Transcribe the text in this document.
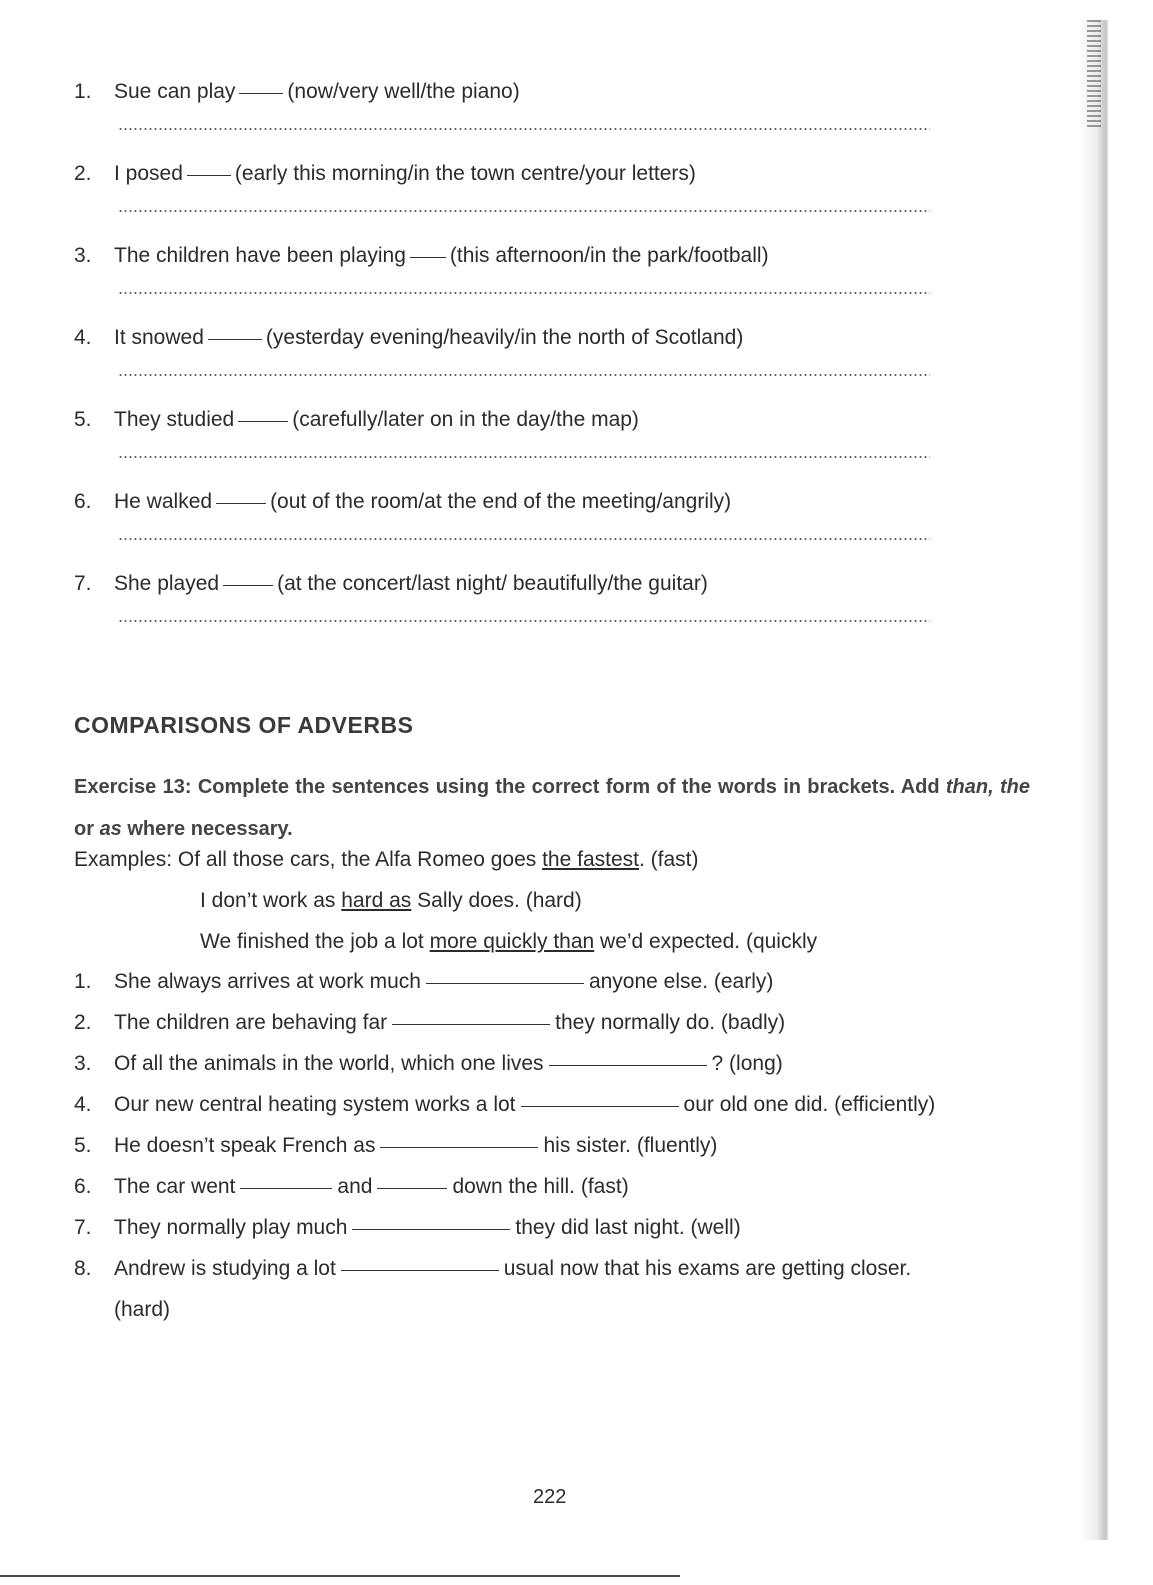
1. Sue can play (now/very well/the piano)
2. I posed (early this morning/in the town centre/your letters)
3. The children have been playing (this afternoon/in the park/football)
4. It snowed	(yesterday evening/heavily/in the north of Scotland)
5. They studied	(carefully/later on in the day/the map)
6. He walked	(out of the room/at the end of the meeting/angrily)
7. She played	(at the concert/last night/ beautifully/the guitar)
COMPARISONS OF ADVERBS
Exercise 13: Complete the sentences using the correct form of the words in brackets. Add than, the or as where necessary.
Examples: Of all those cars, the Alfa Romeo goes the fastest. (fast)
I don’t work as hard as Sally does. (hard)
We finished the job a lot more quickly than we’d expected. (quickly
1. She always arrives at work much	anyone else. (early)
2. The children are behaving far	they normally do. (badly)
3. Of all the animals in the world, which one lives	? (long)
4. Our new central heating system works a lot	our old one did. (efficiently)
5. He doesn’t speak French as	his sister. (fluently)
6. The car went	and	down the hill. (fast)
7. They normally play much	they did last night. (well)
8. Andrew is studying a lot	usual now that his exams are getting closer.
(hard)
222
